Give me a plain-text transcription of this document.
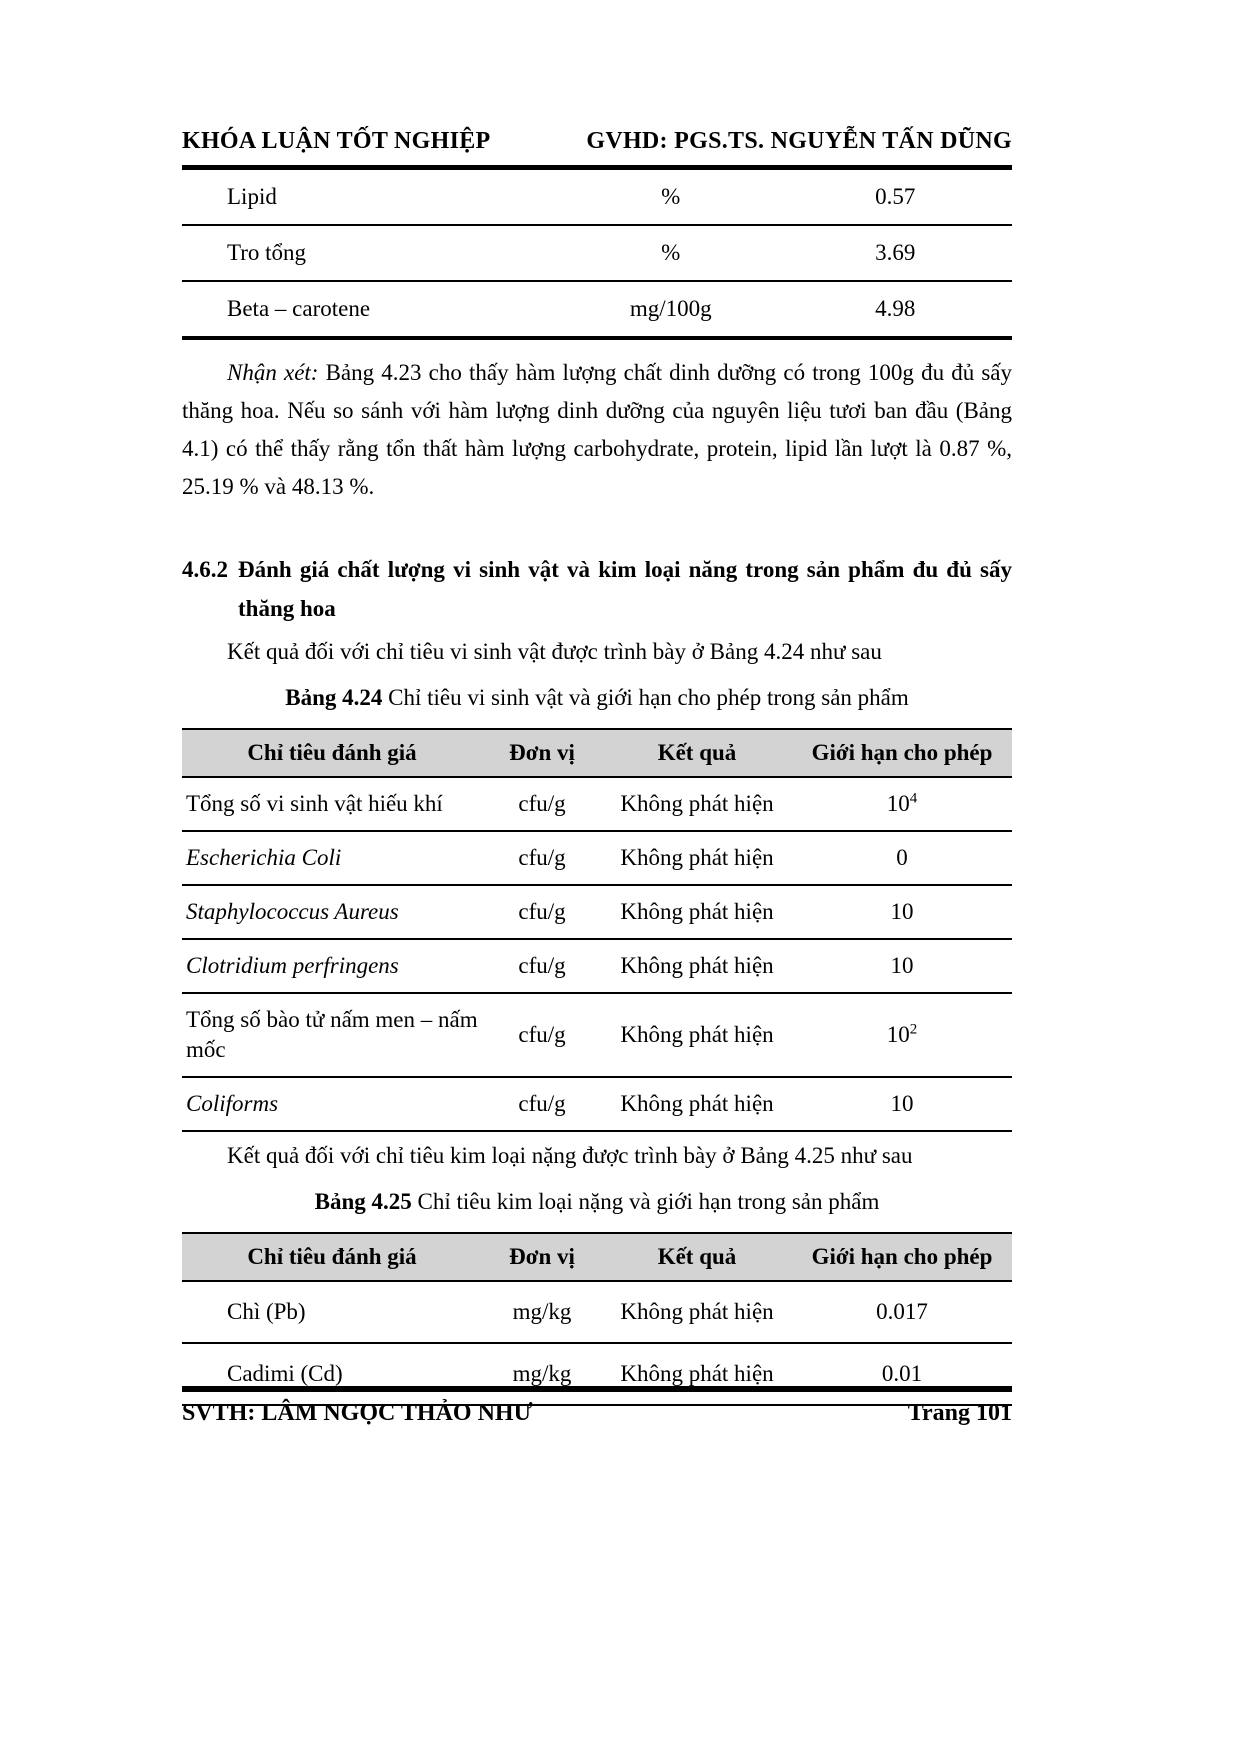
KHÓA LUẬN TỐT NGHIỆP	GVHD: PGS.TS. NGUYỄN TẤN DŨNG
Lipid	%	0.57
Tro tổng	%	3.69
Beta – carotene	mg/100g	4.98

Nhận xét: Bảng 4.23 cho thấy hàm lượng chất dinh dưỡng có trong 100g đu đủ sấy thăng hoa. Nếu so sánh với hàm lượng dinh dưỡng của nguyên liệu tươi ban đầu (Bảng 4.1) có thể thấy rằng tổn thất hàm lượng carbohydrate, protein, lipid lần lượt là 0.87 %, 25.19 % và 48.13 %.

4.6.2 Đánh giá chất lượng vi sinh vật và kim loại năng trong sản phẩm đu đủ sấy thăng hoa

Kết quả đối với chỉ tiêu vi sinh vật được trình bày ở Bảng 4.24 như sau

Bảng 4.24 Chỉ tiêu vi sinh vật và giới hạn cho phép trong sản phẩm

Chỉ tiêu đánh giá	Đơn vị	Kết quả	Giới hạn cho phép
Tổng số vi sinh vật hiếu khí	cfu/g	Không phát hiện	$10^4$
Escherichia Coli	cfu/g	Không phát hiện	0
Staphylococcus Aureus	cfu/g	Không phát hiện	10
Clotridium perfringens	cfu/g	Không phát hiện	10
Tổng số bào tử nấm men – nấm mốc	cfu/g	Không phát hiện	$10^2$
Coliforms	cfu/g	Không phát hiện	10

Kết quả đối với chỉ tiêu kim loại nặng được trình bày ở Bảng 4.25 như sau

Bảng 4.25 Chỉ tiêu kim loại nặng và giới hạn trong sản phẩm

Chỉ tiêu đánh giá	Đơn vị	Kết quả	Giới hạn cho phép
Chì (Pb)	mg/kg	Không phát hiện	0.017
Cadimi (Cd)	mg/kg	Không phát hiện	0.01
SVTH: LÂM NGỌC THẢO NHƯ	Trang 101
